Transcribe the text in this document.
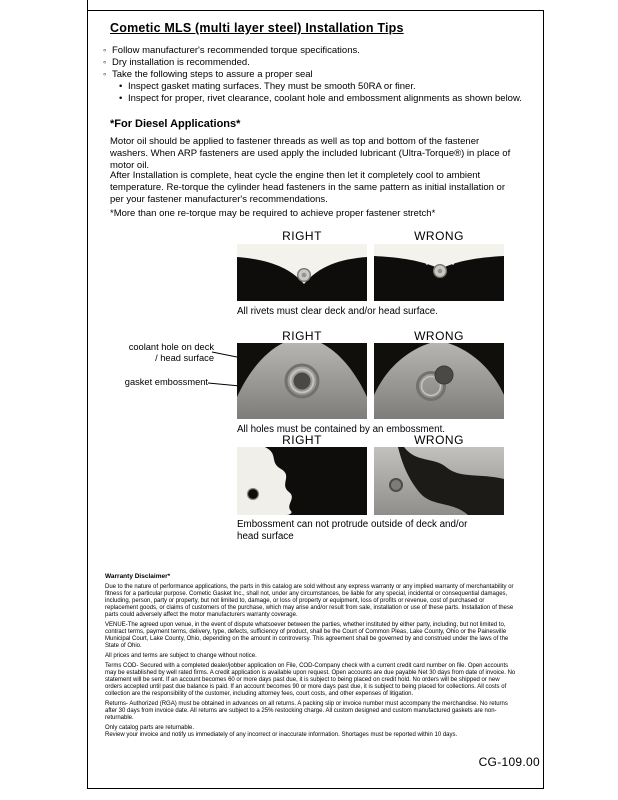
Cometic MLS (multi layer steel) Installation Tips
◦ Follow manufacturer's recommended torque specifications.
◦ Dry installation is recommended.
◦ Take the following steps to assure a proper seal
• Inspect gasket mating surfaces. They must be smooth 50RA or finer.
• Inspect for proper, rivet clearance, coolant hole and embossment alignments as shown below.
*For Diesel Applications*
Motor oil should be applied to fastener threads as well as top and bottom of the fastener washers. When ARP fasteners are used apply the included lubricant (Ultra-Torque®) in place of motor oil.
After Installation is complete, heat cycle the engine then let it completely cool to ambient temperature. Re-torque the cylinder head fasteners in the same pattern as initial installation or per your fastener manufacturer's recommendations.
*More than one re-torque may be required to achieve proper fastener stretch*
RIGHT	WRONG
All rivets must clear deck and/or head surface.
RIGHT	WRONG
coolant hole on deck / head surface
gasket embossment
All holes must be contained by an embossment.
RIGHT	WRONG
Embossment can not protrude outside of deck and/or head surface
Warranty Disclaimer*

Due to the nature of performance applications, the parts in this catalog are sold without any express warranty or any implied warranty of merchantability or fitness for a particular purpose. Cometic Gasket Inc., shall not, under any circumstances, be liable for any special, incidental or consequential damages, including, person, party or property, but not limited to, damage, or loss of property or equipment, loss of profits or revenue, cost of purchased or replacement goods, or claims of customers of the purchase, which may arise and/or result from sale, installation or use of these parts. Installation of these parts could adversely affect the motor manufacturers warranty coverage.

VENUE-The agreed upon venue, in the event of dispute whatsoever between the parties, whether instituted by either party, including, but not limited to, contract terms, payment terms, delivery, type, defects, sufficiency of product, shall be the Court of Common Pleas, Lake County, Ohio or the Painesville Municipal Court, Lake County, Ohio, depending on the amount in controversy. This agreement shall be governed by and construed under the laws of the State of Ohio.

All prices and terms are subject to change without notice.

Terms COD- Secured with a completed dealer/jobber application on File, COD-Company check with a current credit card number on file. Open accounts may be established by well rated firms. A credit application is available upon request. Open accounts are due payable Net 30 days from date of invoice. No statement will be sent. If an account becomes 60 or more days past due, it is subject to being placed on credit hold. No orders will be shipped or new orders accepted until past due balance is paid. If an account becomes 90 or more days past due, it is subject to being placed for collections. All costs of collection are the responsibility of the customer, including attorney fees, court costs, and other expenses of litigation.

Returns- Authorized (RGA) must be obtained in advances on all returns. A packing slip or invoice number must accompany the merchandise. No returns after 30 days from invoice date. All returns are subject to a 25% restocking charge. All custom designed and custom manufactured gaskets are non-returnable.

Only catalog parts are returnable.

Review your invoice and notify us immediately of any incorrect or inaccurate information. Shortages must be reported within 10 days.

CG-109.00
